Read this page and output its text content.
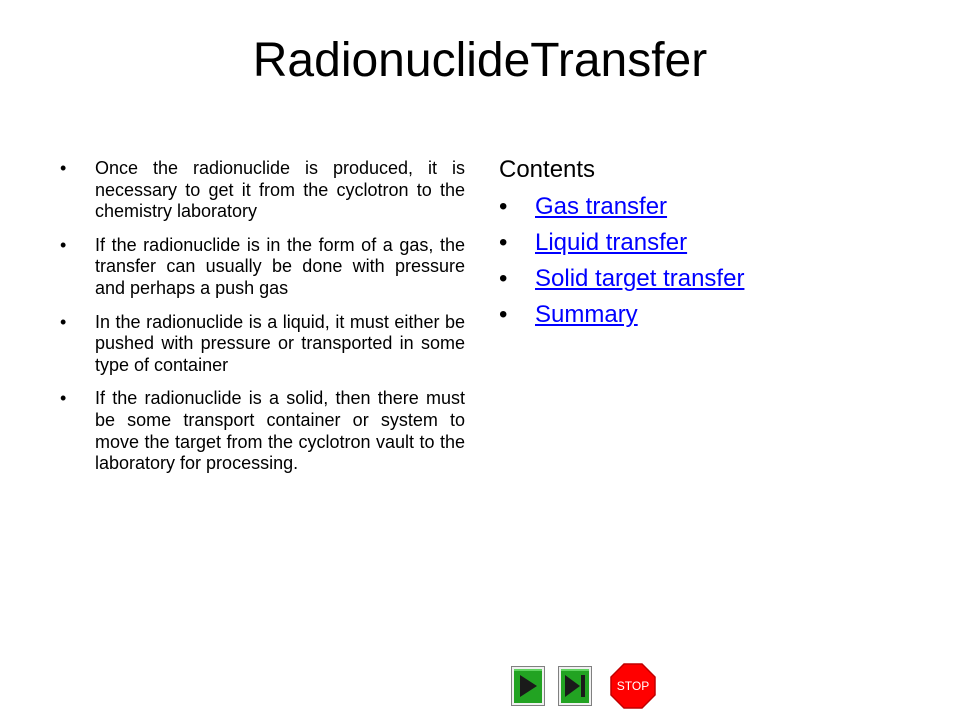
RadionuclideTransfer
• Once the radionuclide is produced, it is necessary to get it from the cyclotron to the chemistry laboratory
• If the radionuclide is in the form of a gas, the transfer can usually be done with pressure and perhaps a push gas
• In the radionuclide is a liquid, it must either be pushed with pressure or transported in some type of container
• If the radionuclide is a solid, then there must be some transport container or system to move the target from the cyclotron vault to the laboratory for processing.
Contents
• Gas transfer
• Liquid transfer
• Solid target transfer
• Summary
STOP
